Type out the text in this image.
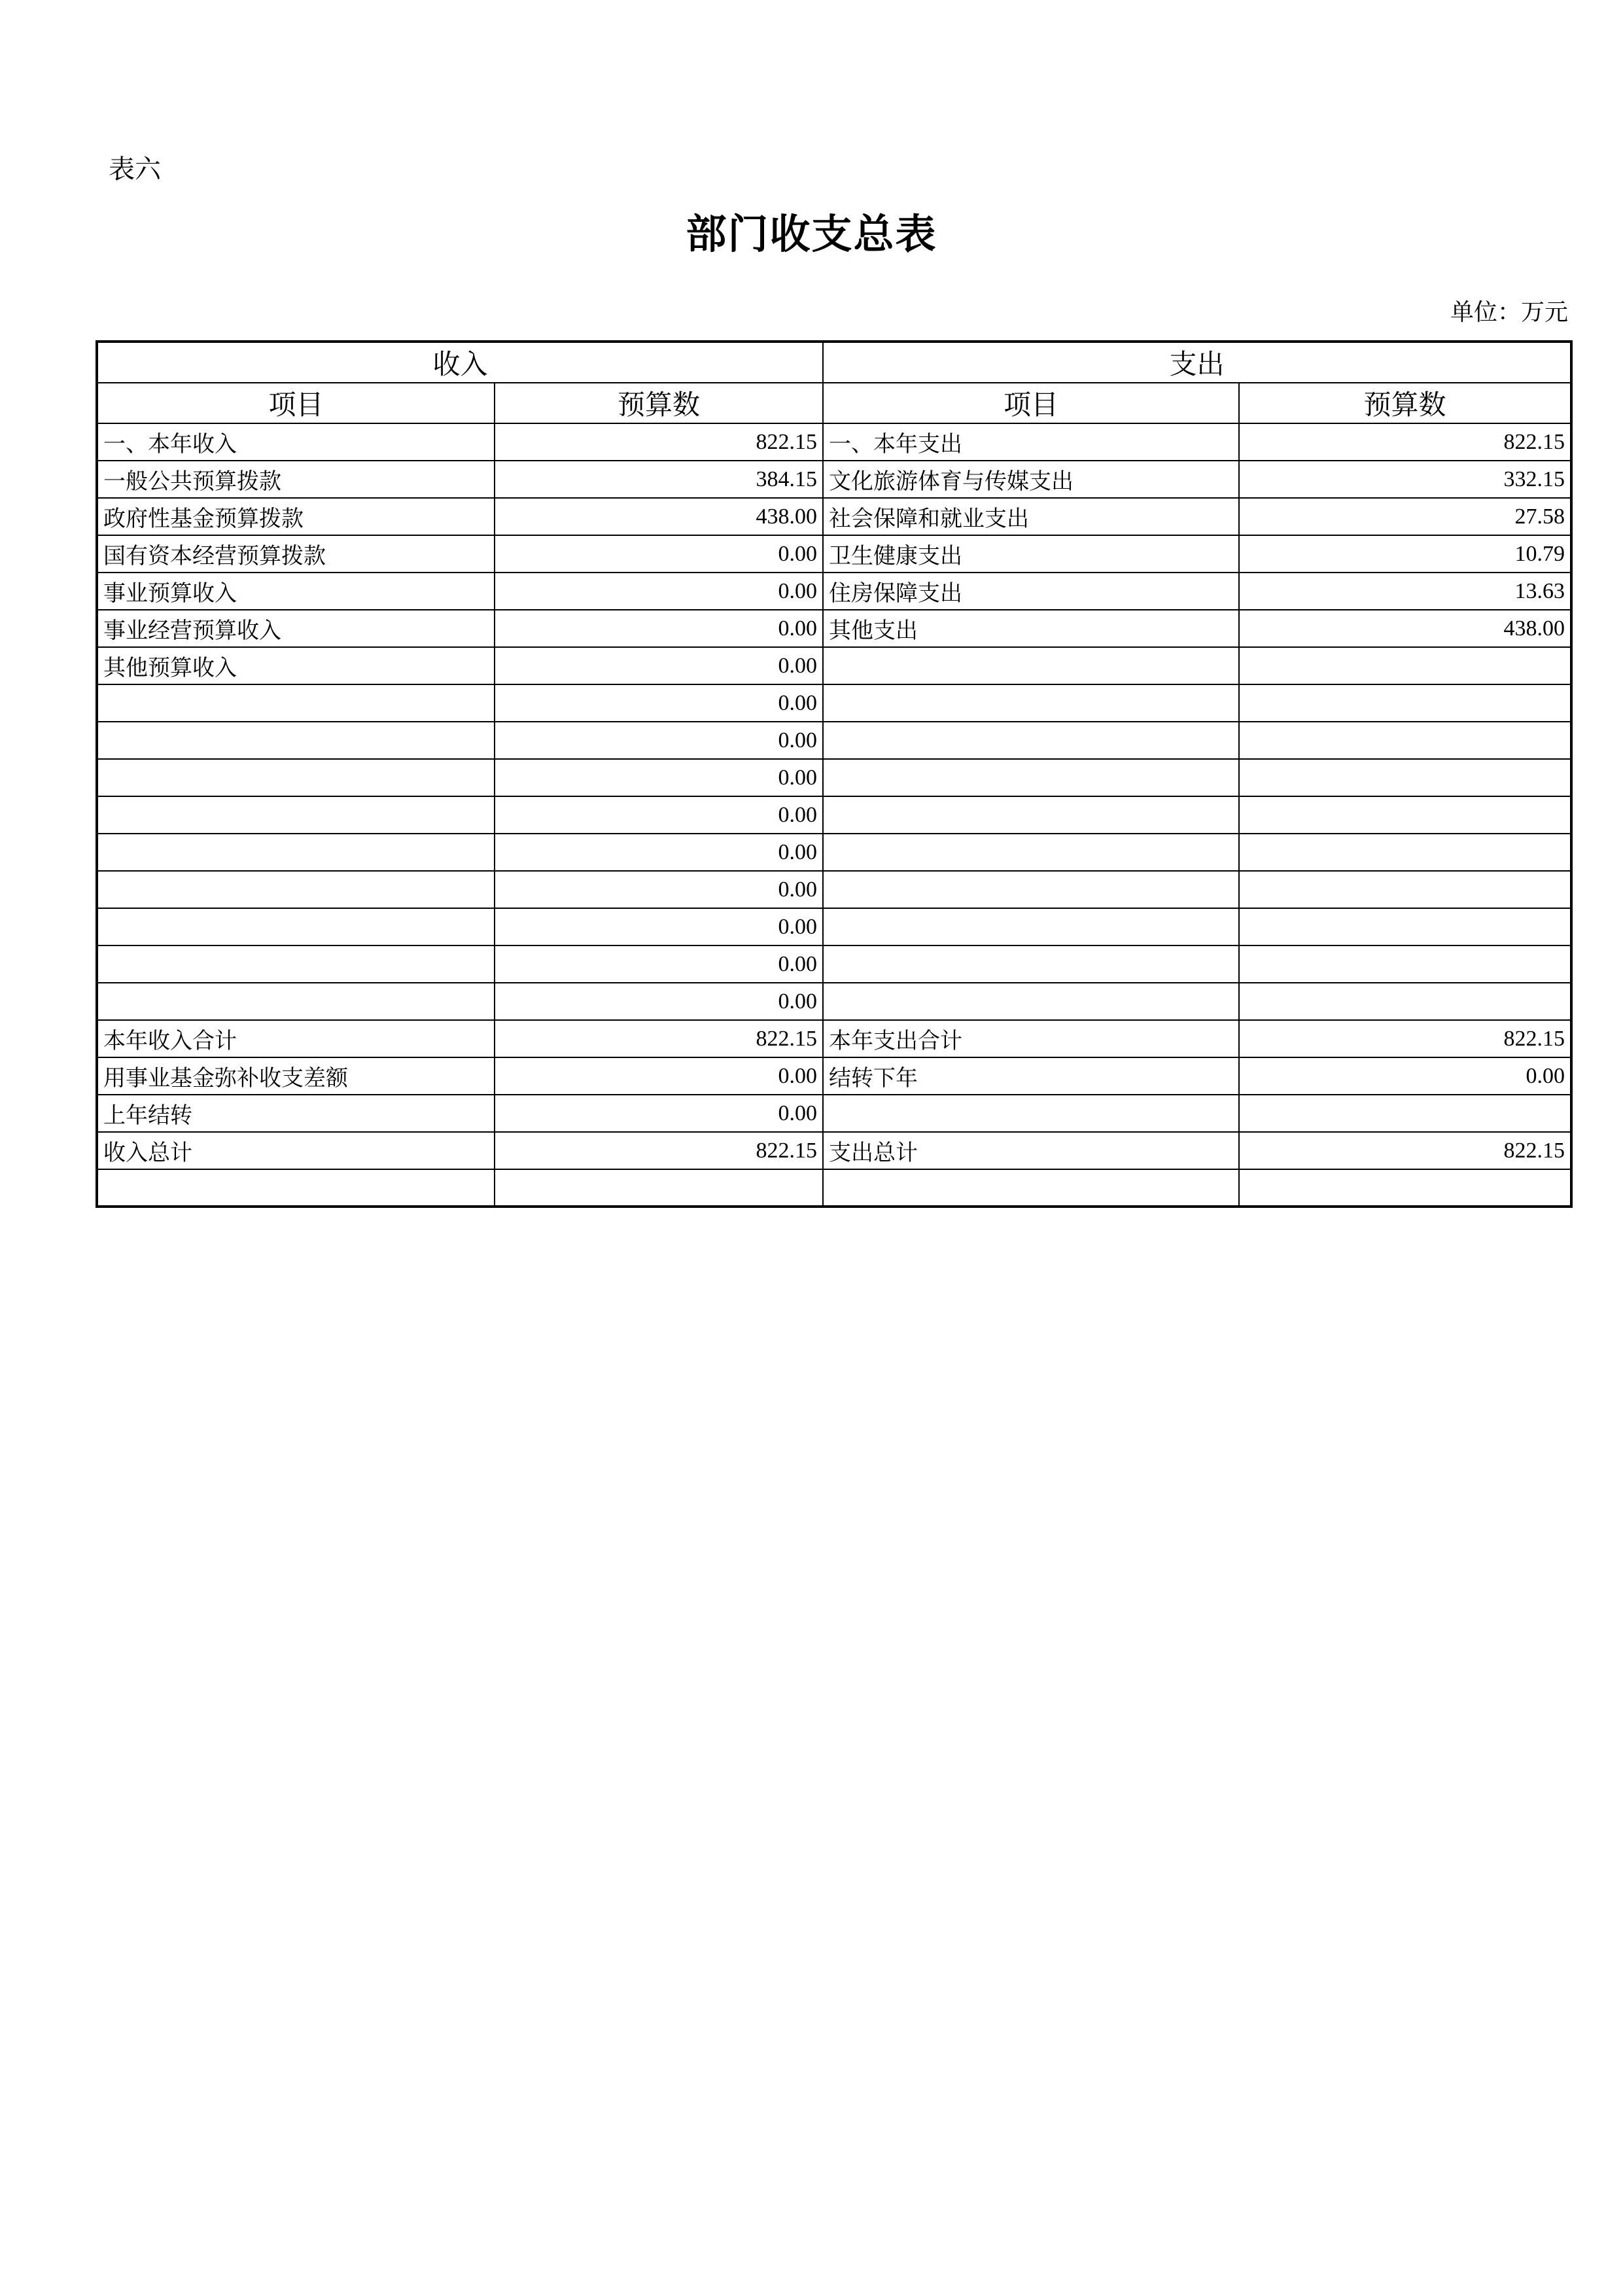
表六
部门收支总表
单位：万元
收入		支出	
项目	预算数	项目	预算数
一、本年收入	822.15	一、本年支出	822.15
一般公共预算拨款	384.15	文化旅游体育与传媒支出	332.15
政府性基金预算拨款	438.00	社会保障和就业支出	27.58
国有资本经营预算拨款	0.00	卫生健康支出	10.79
事业预算收入	0.00	住房保障支出	13.63
事业经营预算收入	0.00	其他支出	438.00
其他预算收入	0.00		
	0.00		
	0.00		
	0.00		
	0.00		
	0.00		
	0.00		
	0.00		
	0.00		
	0.00		
本年收入合计	822.15	本年支出合计	822.15
用事业基金弥补收支差额	0.00	结转下年	0.00
上年结转	0.00		
收入总计	822.15	支出总计	822.15
